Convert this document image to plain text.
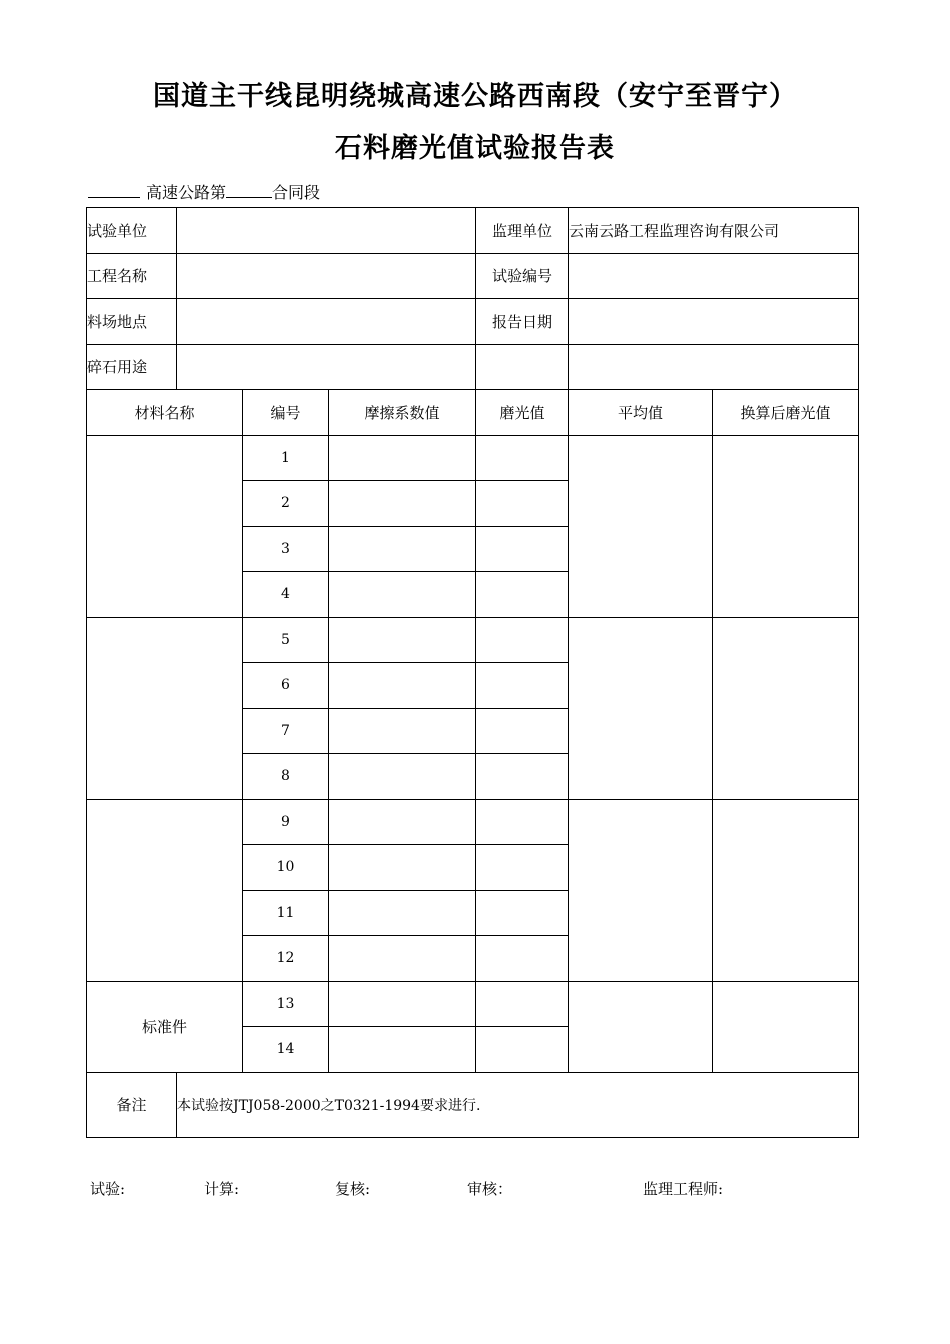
国道主干线昆明绕城高速公路西南段（安宁至晋宁）
石料磨光值试验报告表
高速公路第	合同段
试验单位				监理单位	云南云路工程监理咨询有限公司	
工程名称				试验编号		
料场地点				报告日期		
碎石用途						
材料名称		编号	摩擦系数值	磨光值	平均值	换算后磨光值
		1				
		2				
		3				
		4				
		5				
		6				
		7				
		8				
		9				
		10				
		11				
		12				
标准件		13				
		14				
备注	本试验按JTJ058-2000之T0321-1994要求进行.					
试验:	计算:	复核:	审核：	监理工程师:
